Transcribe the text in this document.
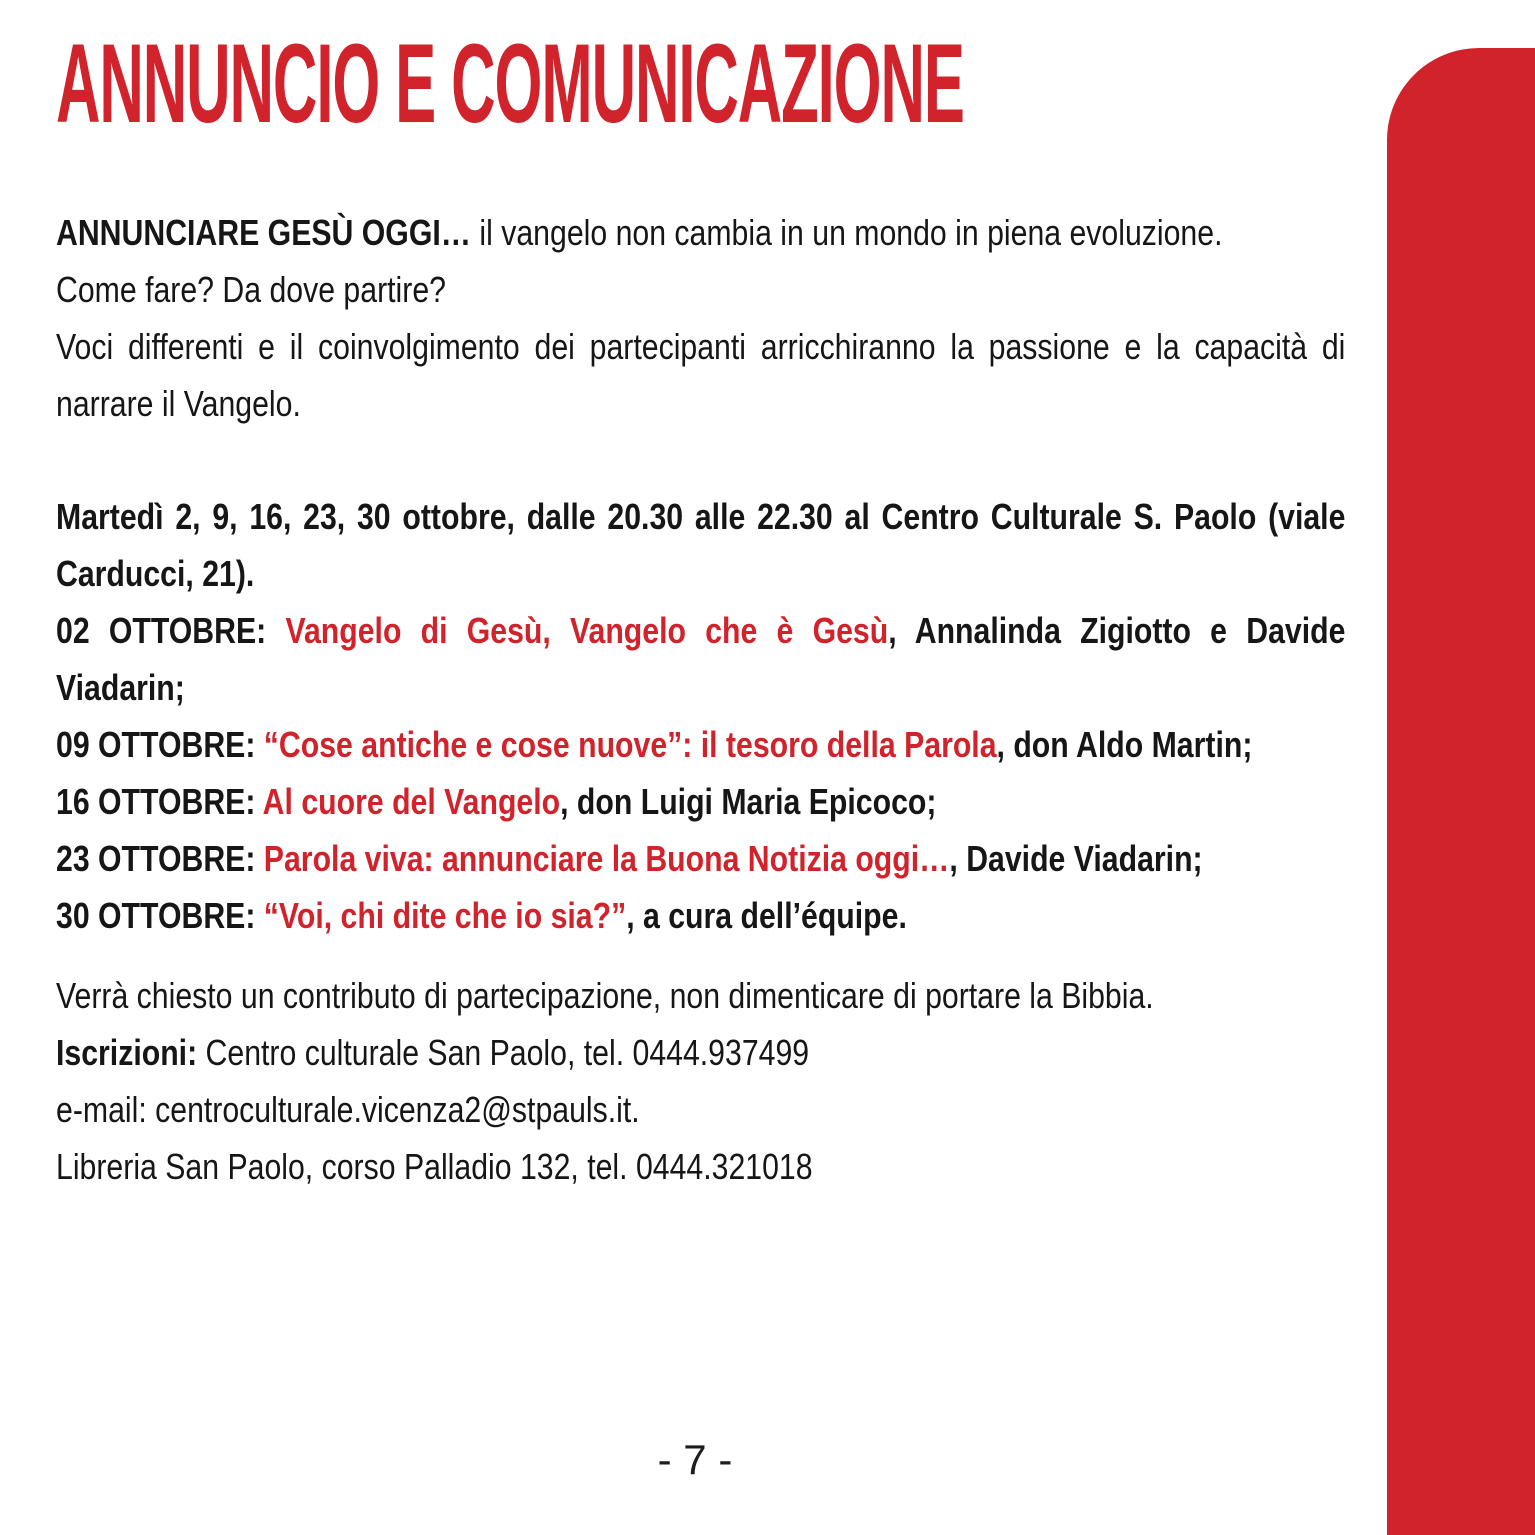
ANNUNCIO E COMUNICAZIONE

ANNUNCIARE GESÙ OGGI… il vangelo non cambia in un mondo in piena evoluzione.

Come fare? Da dove partire?

Voci differenti e il coinvolgimento dei partecipanti arricchiranno la passione e la capacità di narrare il Vangelo.

Martedì 2, 9, 16, 23, 30 ottobre, dalle 20.30 alle 22.30 al Centro Culturale S. Paolo (viale Carducci, 21).

02 OTTOBRE: Vangelo di Gesù, Vangelo che è Gesù, Annalinda Zigiotto e Davide Viadarin;

09 OTTOBRE: “Cose antiche e cose nuove”: il tesoro della Parola, don Aldo Martin;

16 OTTOBRE: Al cuore del Vangelo, don Luigi Maria Epicoco;

23 OTTOBRE: Parola viva: annunciare la Buona Notizia oggi…, Davide Viadarin;

30 OTTOBRE: “Voi, chi dite che io sia?”, a cura dell’équipe.

Verrà chiesto un contributo di partecipazione, non dimenticare di portare la Bibbia.

Iscrizioni: Centro culturale San Paolo, tel. 0444.937499

e-mail: centroculturale.vicenza2@stpauls.it.

Libreria San Paolo, corso Palladio 132, tel. 0444.321018

- 7 -
